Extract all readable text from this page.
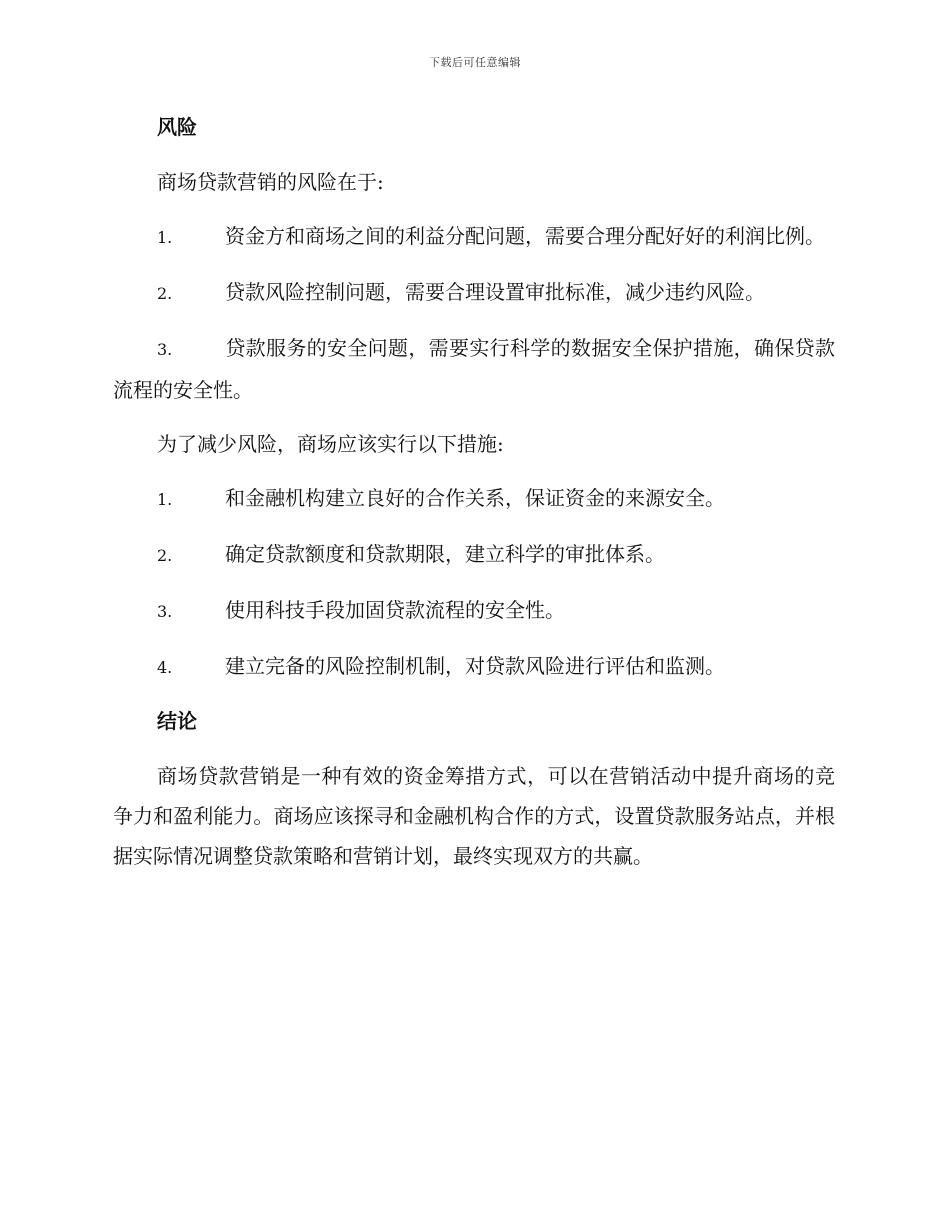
下载后可任意编辑
风险
商场贷款营销的风险在于:
1.	资金方和商场之间的利益分配问题，需要合理分配好好的利润比例。
2.	贷款风险控制问题，需要合理设置审批标准，减少违约风险。
3.	贷款服务的安全问题，需要实行科学的数据安全保护措施，确保贷款流程的安全性。
为了减少风险，商场应该实行以下措施:
1.	和金融机构建立良好的合作关系，保证资金的来源安全。
2.	确定贷款额度和贷款期限，建立科学的审批体系。
3.	使用科技手段加固贷款流程的安全性。
4.	建立完备的风险控制机制，对贷款风险进行评估和监测。
结论
商场贷款营销是一种有效的资金筹措方式，可以在营销活动中提升商场的竞争力和盈利能力。商场应该探寻和金融机构合作的方式，设置贷款服务站点，并根据实际情况调整贷款策略和营销计划，最终实现双方的共赢。
